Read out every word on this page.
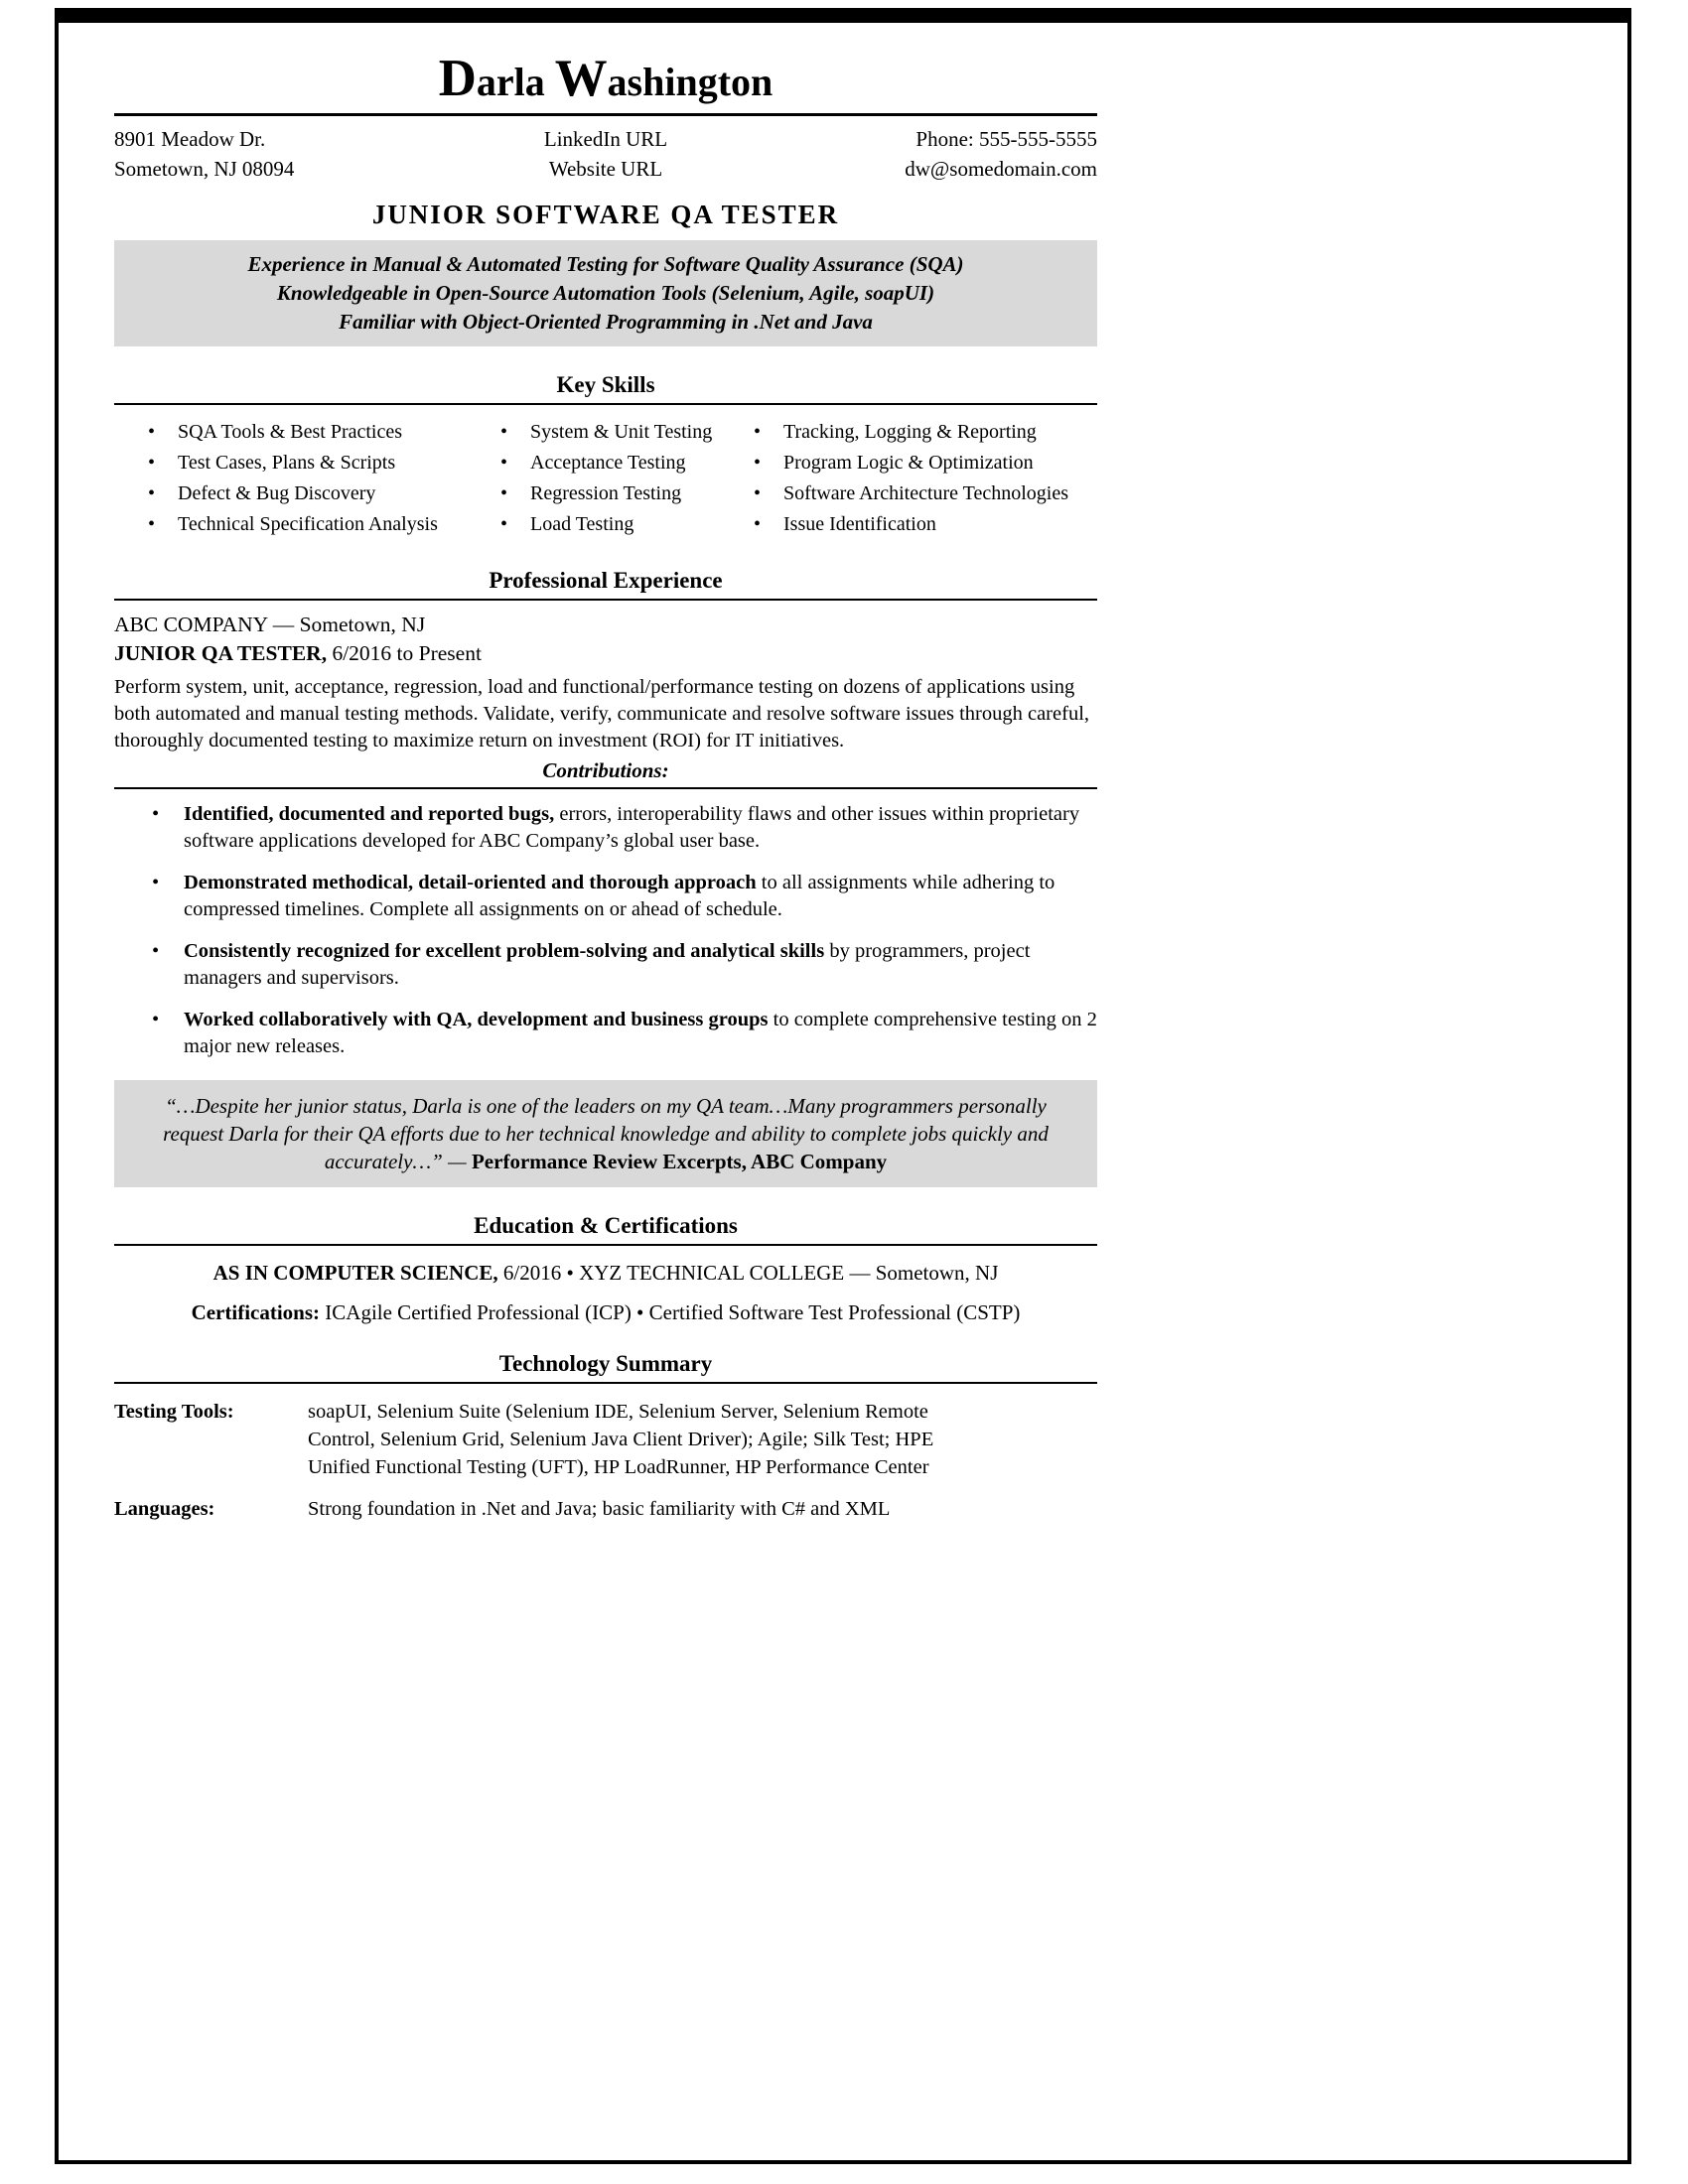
Darla Washington
8901 Meadow Dr.
Sometown, NJ 08094
LinkedIn URL
Website URL
Phone: 555-555-5555
dw@somedomain.com
JUNIOR SOFTWARE QA TESTER
Experience in Manual & Automated Testing for Software Quality Assurance (SQA)
Knowledgeable in Open-Source Automation Tools (Selenium, Agile, soapUI)
Familiar with Object-Oriented Programming in .Net and Java
Key Skills
• SQA Tools & Best Practices
• Test Cases, Plans & Scripts
• Defect & Bug Discovery
• Technical Specification Analysis
• System & Unit Testing
• Acceptance Testing
• Regression Testing
• Load Testing
• Tracking, Logging & Reporting
• Program Logic & Optimization
• Software Architecture Technologies
• Issue Identification
Professional Experience

ABC COMPANY — Sometown, NJ

JUNIOR QA TESTER, 6/2016 to Present

Perform system, unit, acceptance, regression, load and functional/performance testing on dozens of applications using both automated and manual testing methods. Validate, verify, communicate and resolve software issues through careful, thoroughly documented testing to maximize return on investment (ROI) for IT initiatives.

Contributions:
• Identified, documented and reported bugs, errors, interoperability flaws and other issues within proprietary software applications developed for ABC Company’s global user base.
• Demonstrated methodical, detail-oriented and thorough approach to all assignments while adhering to compressed timelines. Complete all assignments on or ahead of schedule.
• Consistently recognized for excellent problem-solving and analytical skills by programmers, project managers and supervisors.
• Worked collaboratively with QA, development and business groups to complete comprehensive testing on 2 major new releases.
“…Despite her junior status, Darla is one of the leaders on my QA team…Many programmers personally request Darla for their QA efforts due to her technical knowledge and ability to complete jobs quickly and accurately…” — Performance Review Excerpts, ABC Company
Education & Certifications

AS IN COMPUTER SCIENCE, 6/2016 • XYZ TECHNICAL COLLEGE — Sometown, NJ

Certifications: ICAgile Certified Professional (ICP) • Certified Software Test Professional (CSTP)

Technology Summary
Testing Tools:	soapUI, Selenium Suite (Selenium IDE, Selenium Server, Selenium Remote Control, Selenium Grid, Selenium Java Client Driver); Agile; Silk Test; HPE Unified Functional Testing (UFT), HP LoadRunner, HP Performance Center
Languages:	Strong foundation in .Net and Java; basic familiarity with C# and XML
